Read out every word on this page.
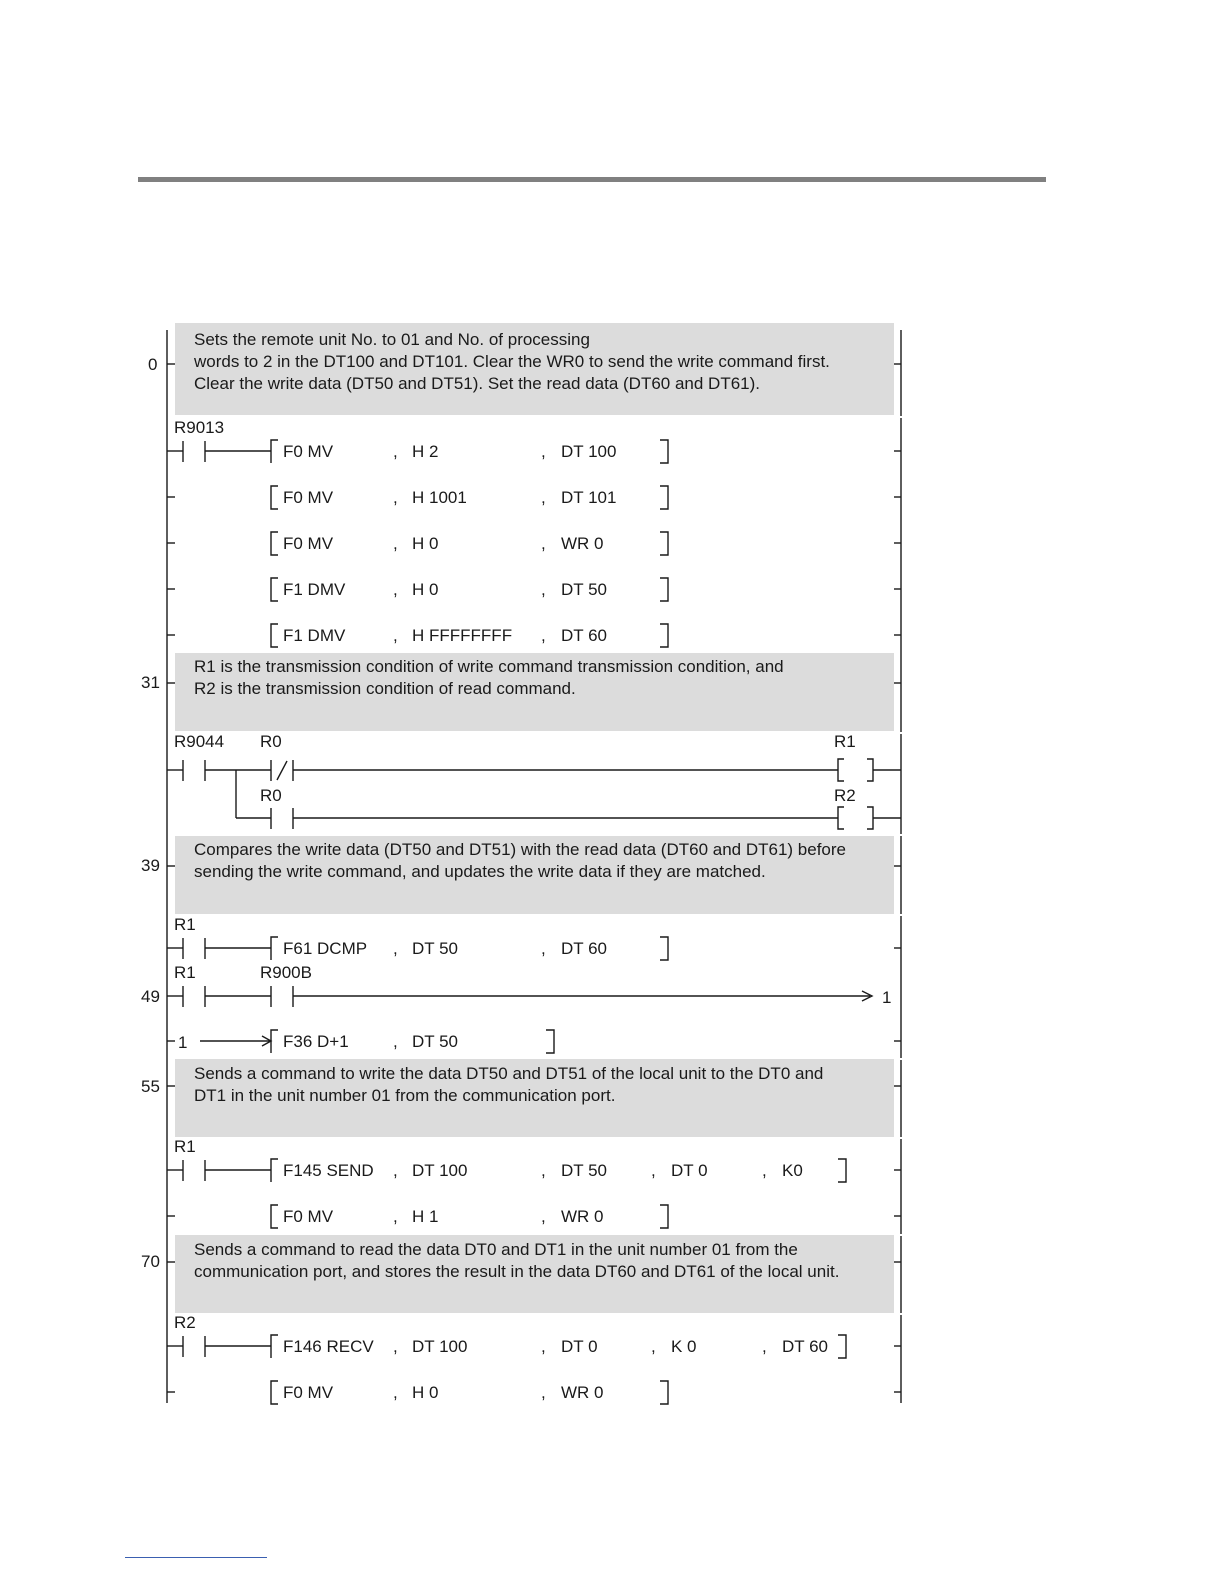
Sets the remote unit No. to 01 and No. of processing
words to 2 in the DT100 and DT101. Clear the WR0 to send the write command first.
Clear the write data (DT50 and DT51). Set the read data (DT60 and DT61).
R1 is the transmission condition of write command transmission condition, and
R2 is the transmission condition of read command.
Compares the write data (DT50 and DT51) with the read data (DT60 and DT61) before
sending the write command, and updates the write data if they are matched.
Sends a command to write the data DT50 and DT51 of the local unit to the DT0 and
DT1 in the unit number 01 from the communication port.
Sends a command to read the data DT0 and DT1 in the unit number 01 from the
communication port, and stores the result in the data DT60 and DT61 of the local unit.
0
31
39
49
55
70
R9013
R9044 R0
R0
R1
R2
R1
R1	R900B
1
1
R1
R2
F0 MV	, H 2	, DT 100
F0 MV	, H 1001	, DT 101
F0 MV	, H 0	, WR 0
F1 DMV	, H 0	, DT 50
F1 DMV	, H FFFFFFFF , DT 60
F61 DCMP , DT 50	, DT 60
F36 D+1	, DT 50
F145 SEND , DT 100	, DT 50	, DT 0	, K0
F0 MV	, H 1	, WR 0
F146 RECV , DT 100	, DT 0	, K 0	, DT 60
F0 MV	, H 0	, WR 0
